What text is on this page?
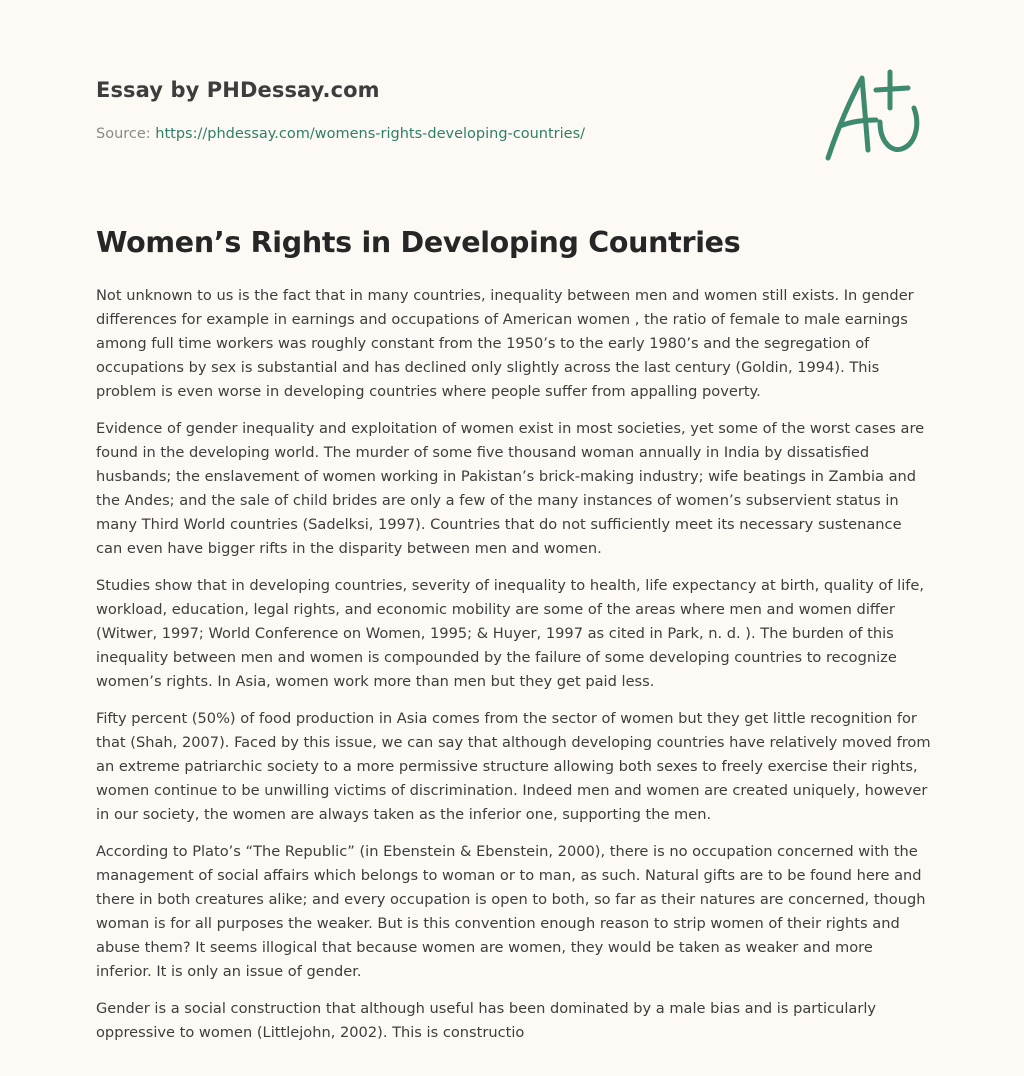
Essay by PHDessay.com
Source: https://phdessay.com/womens-rights-developing-countries/
Women’s Rights in Developing Countries

Not unknown to us is the fact that in many countries, inequality between men and women still exists. In gender differences for example in earnings and occupations of American women , the ratio of female to male earnings among full time workers was roughly constant from the 1950’s to the early 1980’s and the segregation of occupations by sex is substantial and has declined only slightly across the last century (Goldin, 1994). This problem is even worse in developing countries where people suffer from appalling poverty.

Evidence of gender inequality and exploitation of women exist in most societies, yet some of the worst cases are found in the developing world. The murder of some five thousand woman annually in India by dissatisfied husbands; the enslavement of women working in Pakistan’s brick-making industry; wife beatings in Zambia and the Andes; and the sale of child brides are only a few of the many instances of women’s subservient status in many Third World countries (Sadelksi, 1997). Countries that do not sufficiently meet its necessary sustenance can even have bigger rifts in the disparity between men and women.

Studies show that in developing countries, severity of inequality to health, life expectancy at birth, quality of life, workload, education, legal rights, and economic mobility are some of the areas where men and women differ (Witwer, 1997; World Conference on Women, 1995; & Huyer, 1997 as cited in Park, n. d. ). The burden of this inequality between men and women is compounded by the failure of some developing countries to recognize women’s rights. In Asia, women work more than men but they get paid less.

Fifty percent (50%) of food production in Asia comes from the sector of women but they get little recognition for that (Shah, 2007). Faced by this issue, we can say that although developing countries have relatively moved from an extreme patriarchic society to a more permissive structure allowing both sexes to freely exercise their rights, women continue to be unwilling victims of discrimination. Indeed men and women are created uniquely, however in our society, the women are always taken as the inferior one, supporting the men.

According to Plato’s “The Republic” (in Ebenstein & Ebenstein, 2000), there is no occupation concerned with the management of social affairs which belongs to woman or to man, as such. Natural gifts are to be found here and there in both creatures alike; and every occupation is open to both, so far as their natures are concerned, though woman is for all purposes the weaker. But is this convention enough reason to strip women of their rights and abuse them? It seems illogical that because women are women, they would be taken as weaker and more inferior. It is only an issue of gender.

Gender is a social construction that although useful has been dominated by a male bias and is particularly oppressive to women (Littlejohn, 2002). This is constructio
